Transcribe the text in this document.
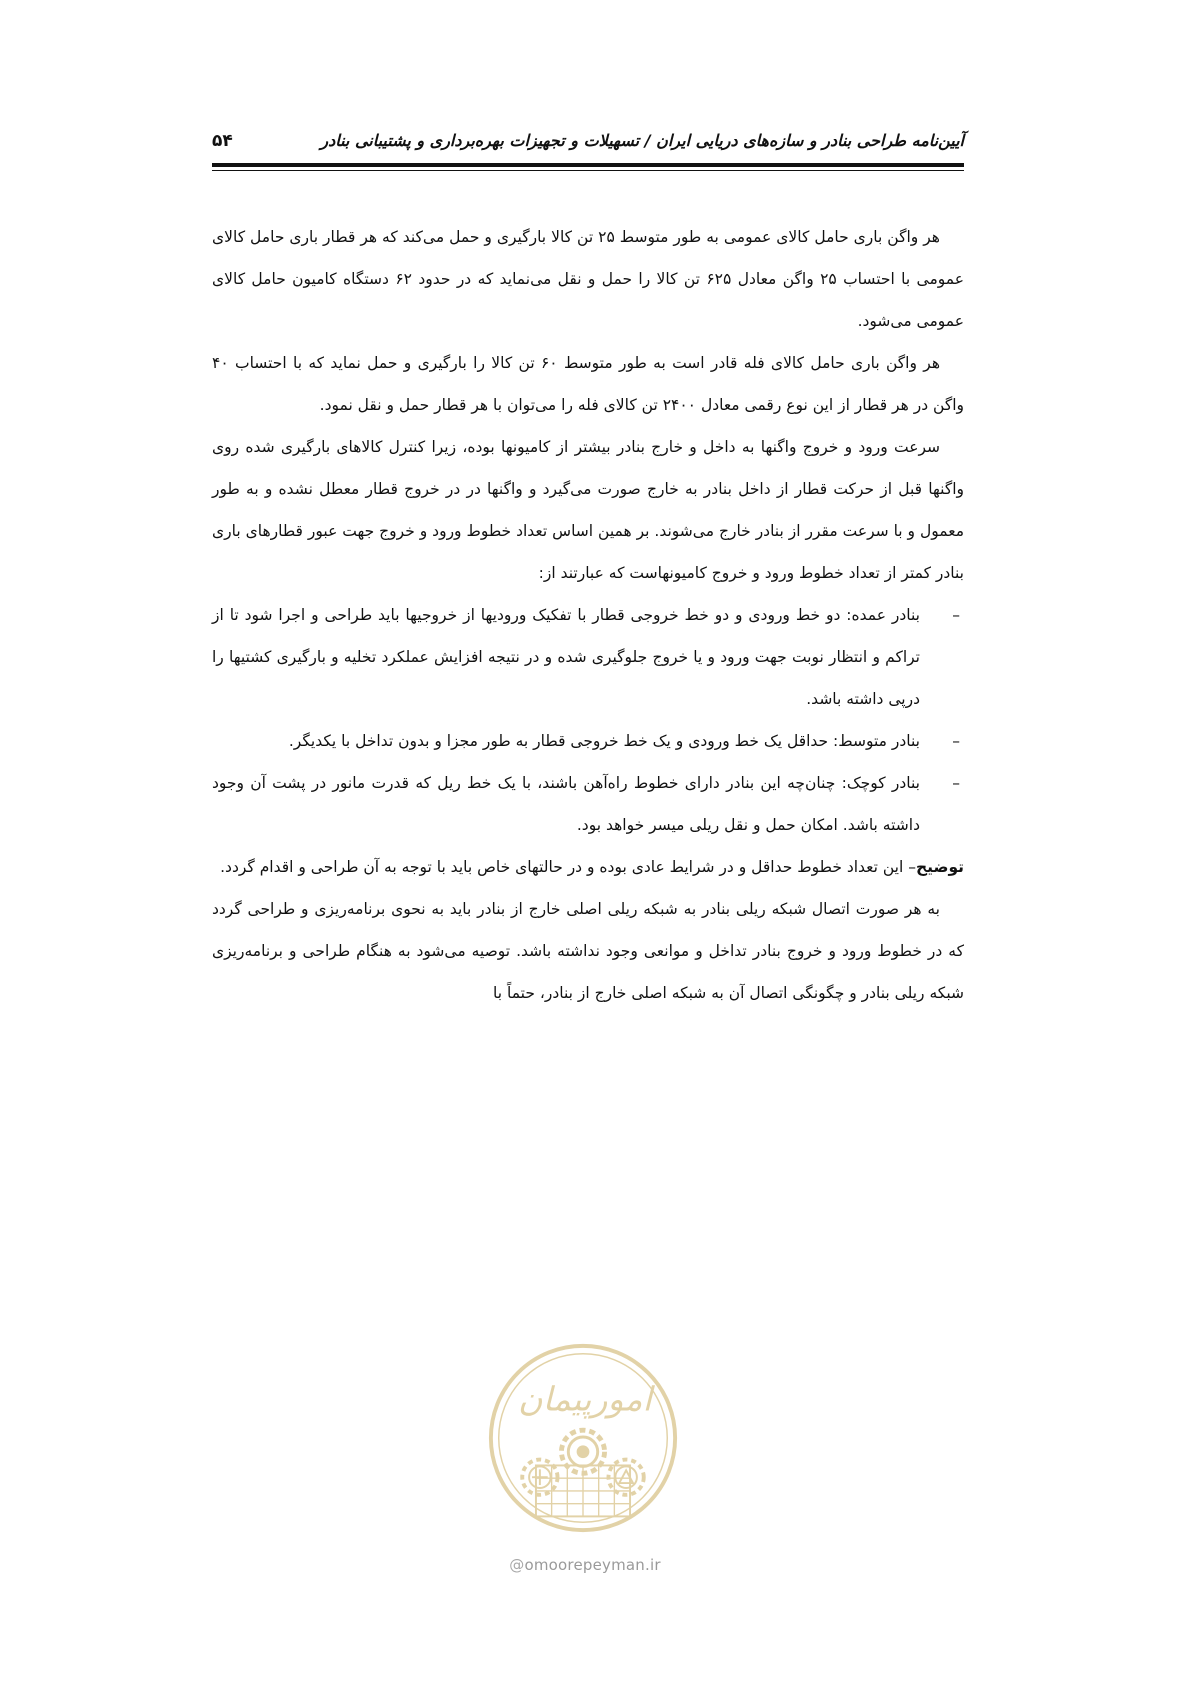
آیین‌نامه طراحی بنادر و سازه‌های دریایی ایران / تسهیلات و تجهیزات بهره‌برداری و پشتیبانی بنادر
۵۴

هر واگن باری حامل کالای عمومی به طور متوسط ۲۵ تن کالا بارگیری و حمل می‌کند که هر قطار باری حامل کالای عمومی با احتساب ۲۵ واگن معادل ۶۲۵ تن کالا را حمل و نقل می‌نماید که در حدود ۶۲ دستگاه کامیون حامل کالای عمومی می‌شود.

هر واگن باری حامل کالای فله قادر است به طور متوسط ۶۰ تن کالا را بارگیری و حمل نماید که با احتساب ۴۰ واگن در هر قطار از این نوع رقمی معادل ۲۴۰۰ تن کالای فله را می‌توان با هر قطار حمل و نقل نمود.

سرعت ورود و خروج واگنها به داخل و خارج بنادر بیشتر از کامیونها بوده، زیرا کنترل کالاهای بارگیری شده روی واگنها قبل از حرکت قطار از داخل بنادر به خارج صورت می‌گیرد و واگنها در در خروج قطار معطل نشده و به طور معمول و با سرعت مقرر از بنادر خارج می‌شوند. بر همین اساس تعداد خطوط ورود و خروج جهت عبور قطارهای باری بنادر کمتر از تعداد خطوط ورود و خروج کامیونهاست که عبارتند از:

–
بنادر عمده: دو خط ورودی و دو خط خروجی قطار با تفکیک ورودیها از خروجیها باید طراحی و اجرا شود تا از تراکم و انتظار نوبت جهت ورود و یا خروج جلوگیری شده و در نتیجه افزایش عملکرد تخلیه و بارگیری کشتیها را درپی داشته باشد.

–
بنادر متوسط: حداقل یک خط ورودی و یک خط خروجی قطار به طور مجزا و بدون تداخل با یکدیگر.

–
بنادر کوچک: چنان‌چه این بنادر دارای خطوط راه‌آهن باشند، با یک خط ریل که قدرت مانور در پشت آن وجود داشته باشد. امکان حمل و نقل ریلی میسر خواهد بود.

توضیح– این تعداد خطوط حداقل و در شرایط عادی بوده و در حالتهای خاص باید با توجه به آن طراحی و اقدام گردد.

به هر صورت اتصال شبکه ریلی بنادر به شبکه ریلی اصلی خارج از بنادر باید به نحوی برنامه‌ریزی و طراحی گردد که در خطوط ورود و خروج بنادر تداخل و موانعی وجود نداشته باشد. توصیه می‌شود به هنگام طراحی و برنامه‌ریزی شبکه ریلی بنادر و چگونگی اتصال آن به شبکه اصلی خارج از بنادر، حتماً با

امورپیمان
@omoorepeyman.ir
